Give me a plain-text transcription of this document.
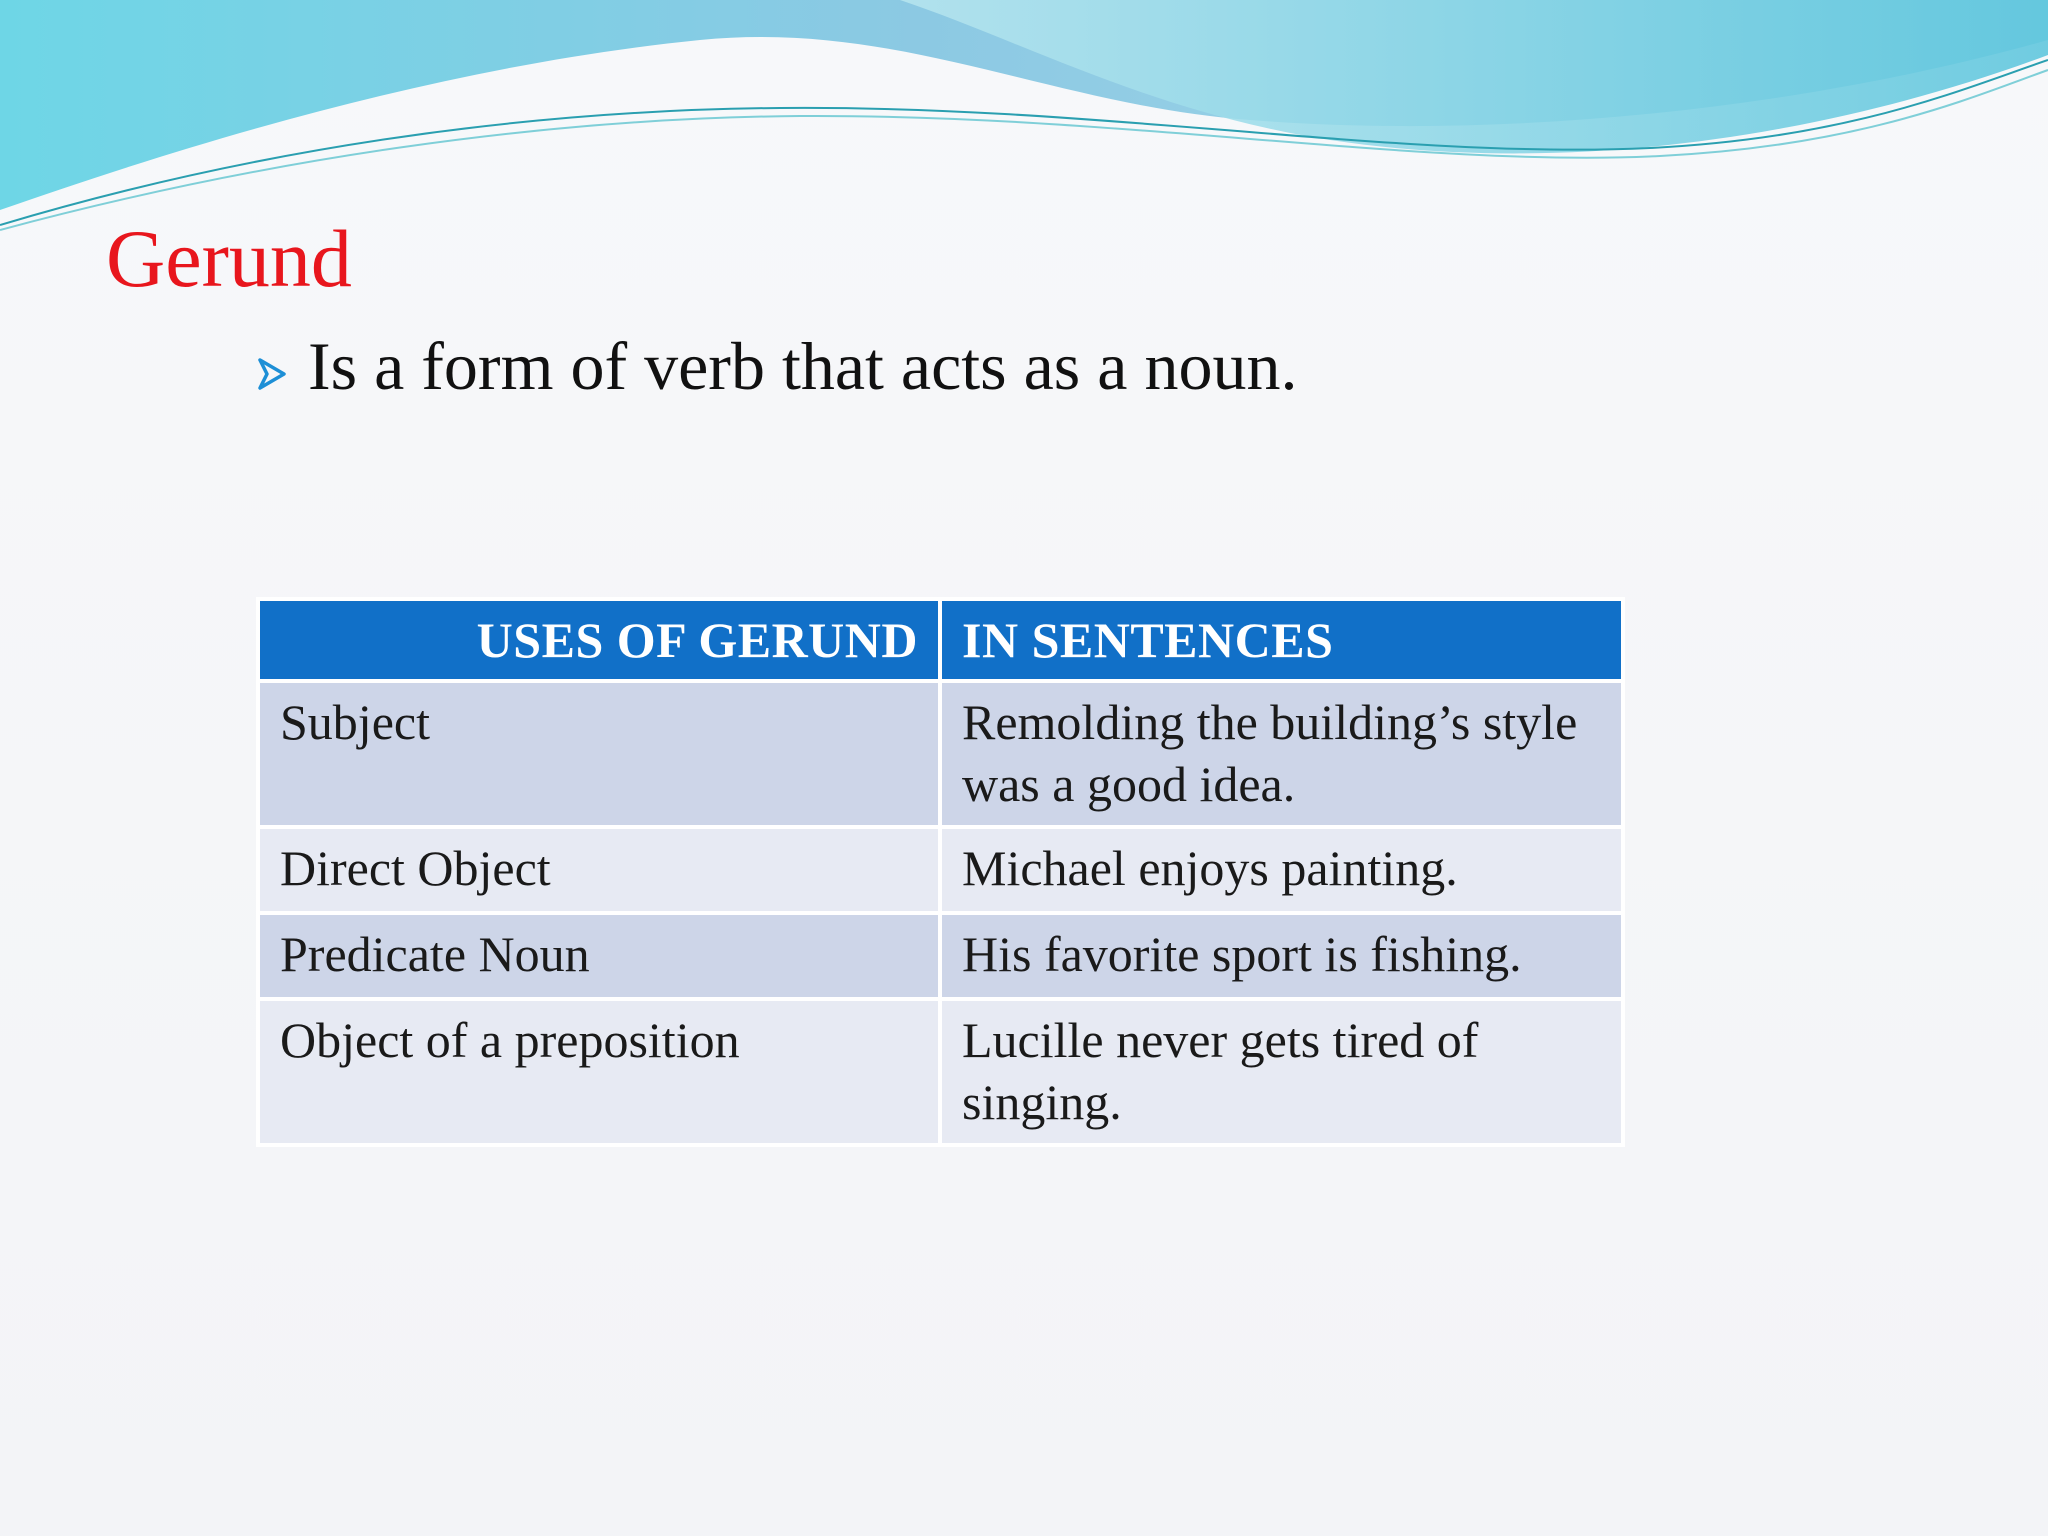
Gerund
Is a form of verb that acts as a noun.
USES OF GERUND	IN SENTENCES
Subject	Remolding the building’s style was a good idea.
Direct Object	Michael enjoys painting.
Predicate Noun	His favorite sport is fishing.
Object of a preposition	Lucille never gets tired of singing.
